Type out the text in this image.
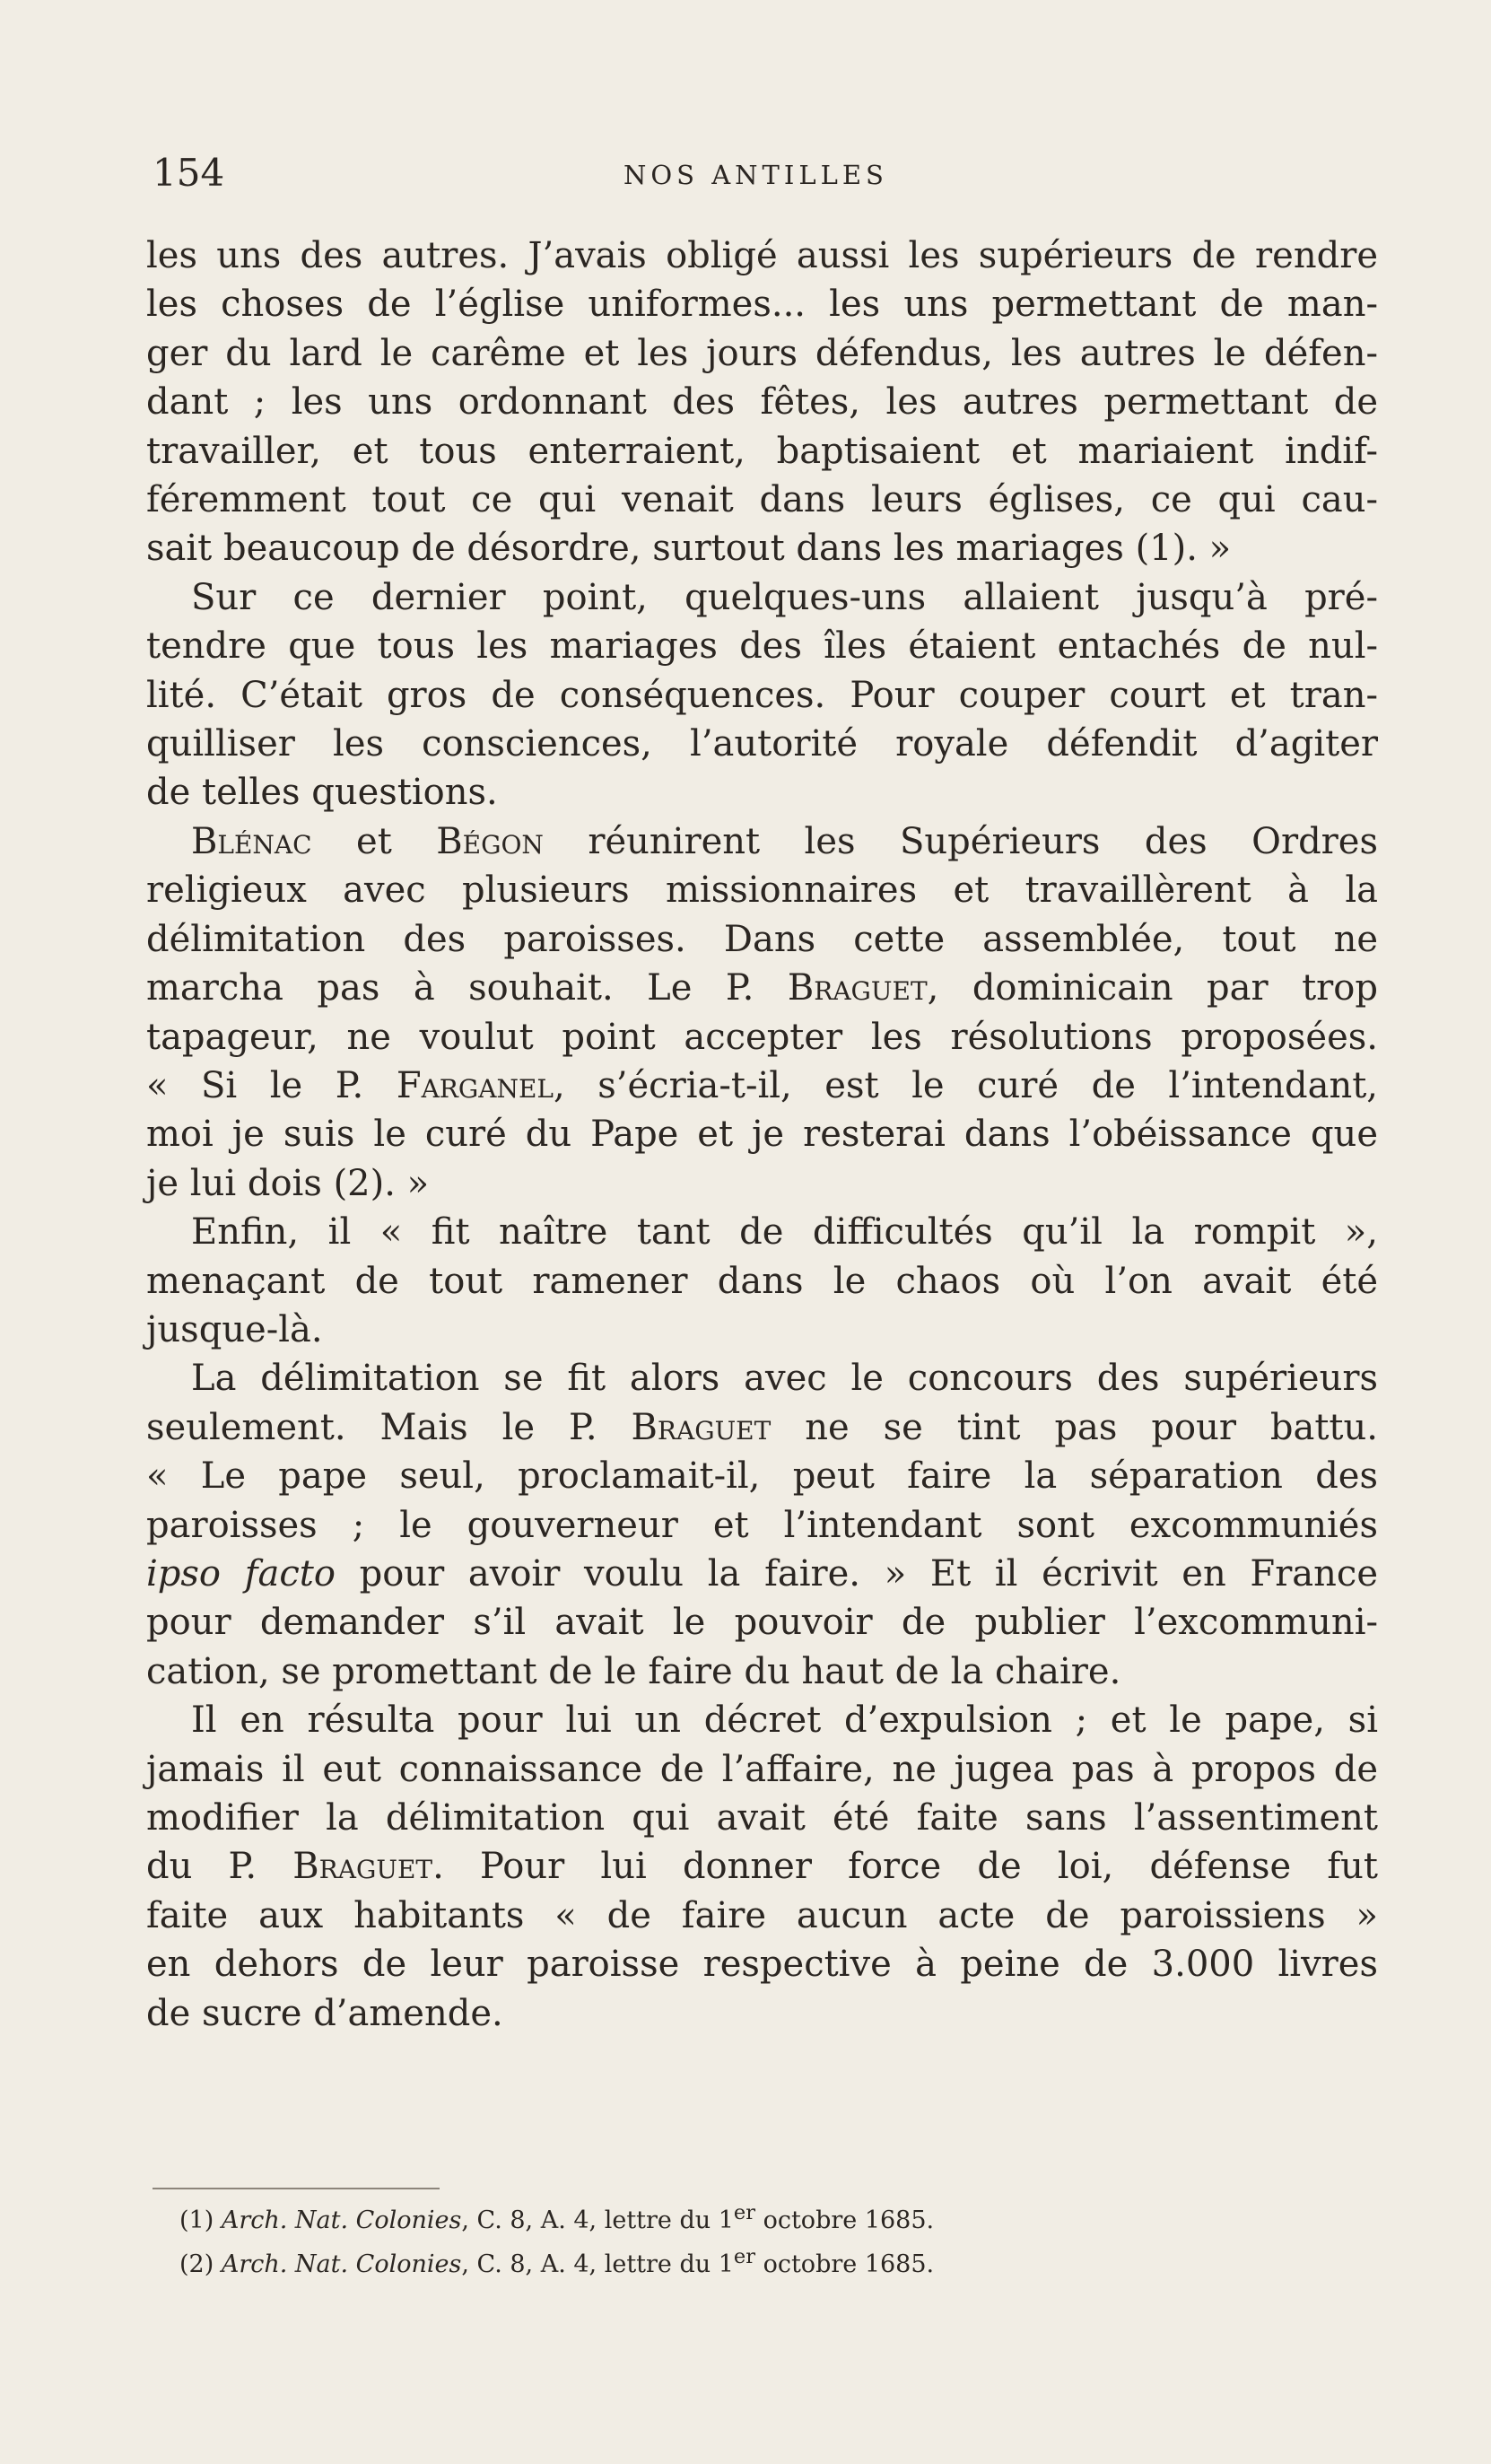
154	NOS ANTILLES

les uns des autres. J’avais obligé aussi les supérieurs de rendre
les choses de l’église uniformes... les uns permettant de man-
ger du lard le carême et les jours défendus, les autres le défen-
dant ; les uns ordonnant des fêtes, les autres permettant de
travailler, et tous enterraient, baptisaient et mariaient indif-
féremment tout ce qui venait dans leurs églises, ce qui cau-
sait beaucoup de désordre, surtout dans les mariages (1). »

Sur ce dernier point, quelques-uns allaient jusqu’à pré-
tendre que tous les mariages des îles étaient entachés de nul-
lité. C’était gros de conséquences. Pour couper court et tran-
quilliser les consciences, l’autorité royale défendit d’agiter
de telles questions.

Blénac et Bégon réunirent les Supérieurs des Ordres
religieux avec plusieurs missionnaires et travaillèrent à la
délimitation des paroisses. Dans cette assemblée, tout ne
marcha pas à souhait. Le P. Braguet, dominicain par trop
tapageur, ne voulut point accepter les résolutions proposées.
« Si le P. Farganel, s’écria-t-il, est le curé de l’intendant,
moi je suis le curé du Pape et je resterai dans l’obéissance que
je lui dois (2). »

Enfin, il « fit naître tant de difficultés qu’il la rompit »,
menaçant de tout ramener dans le chaos où l’on avait été
jusque-là.

La délimitation se fit alors avec le concours des supérieurs
seulement. Mais le P. Braguet ne se tint pas pour battu.
« Le pape seul, proclamait-il, peut faire la séparation des
paroisses ; le gouverneur et l’intendant sont excommuniés
ipso facto pour avoir voulu la faire. » Et il écrivit en France
pour demander s’il avait le pouvoir de publier l’excommuni-
cation, se promettant de le faire du haut de la chaire.

Il en résulta pour lui un décret d’expulsion ; et le pape, si
jamais il eut connaissance de l’affaire, ne jugea pas à propos de
modifier la délimitation qui avait été faite sans l’assentiment
du P. Braguet. Pour lui donner force de loi, défense fut
faite aux habitants « de faire aucun acte de paroissiens »
en dehors de leur paroisse respective à peine de 3.000 livres
de sucre d’amende.

(1) Arch. Nat. Colonies, C. 8, A. 4, lettre du 1er octobre 1685.
(2) Arch. Nat. Colonies, C. 8, A. 4, lettre du 1er octobre 1685.
